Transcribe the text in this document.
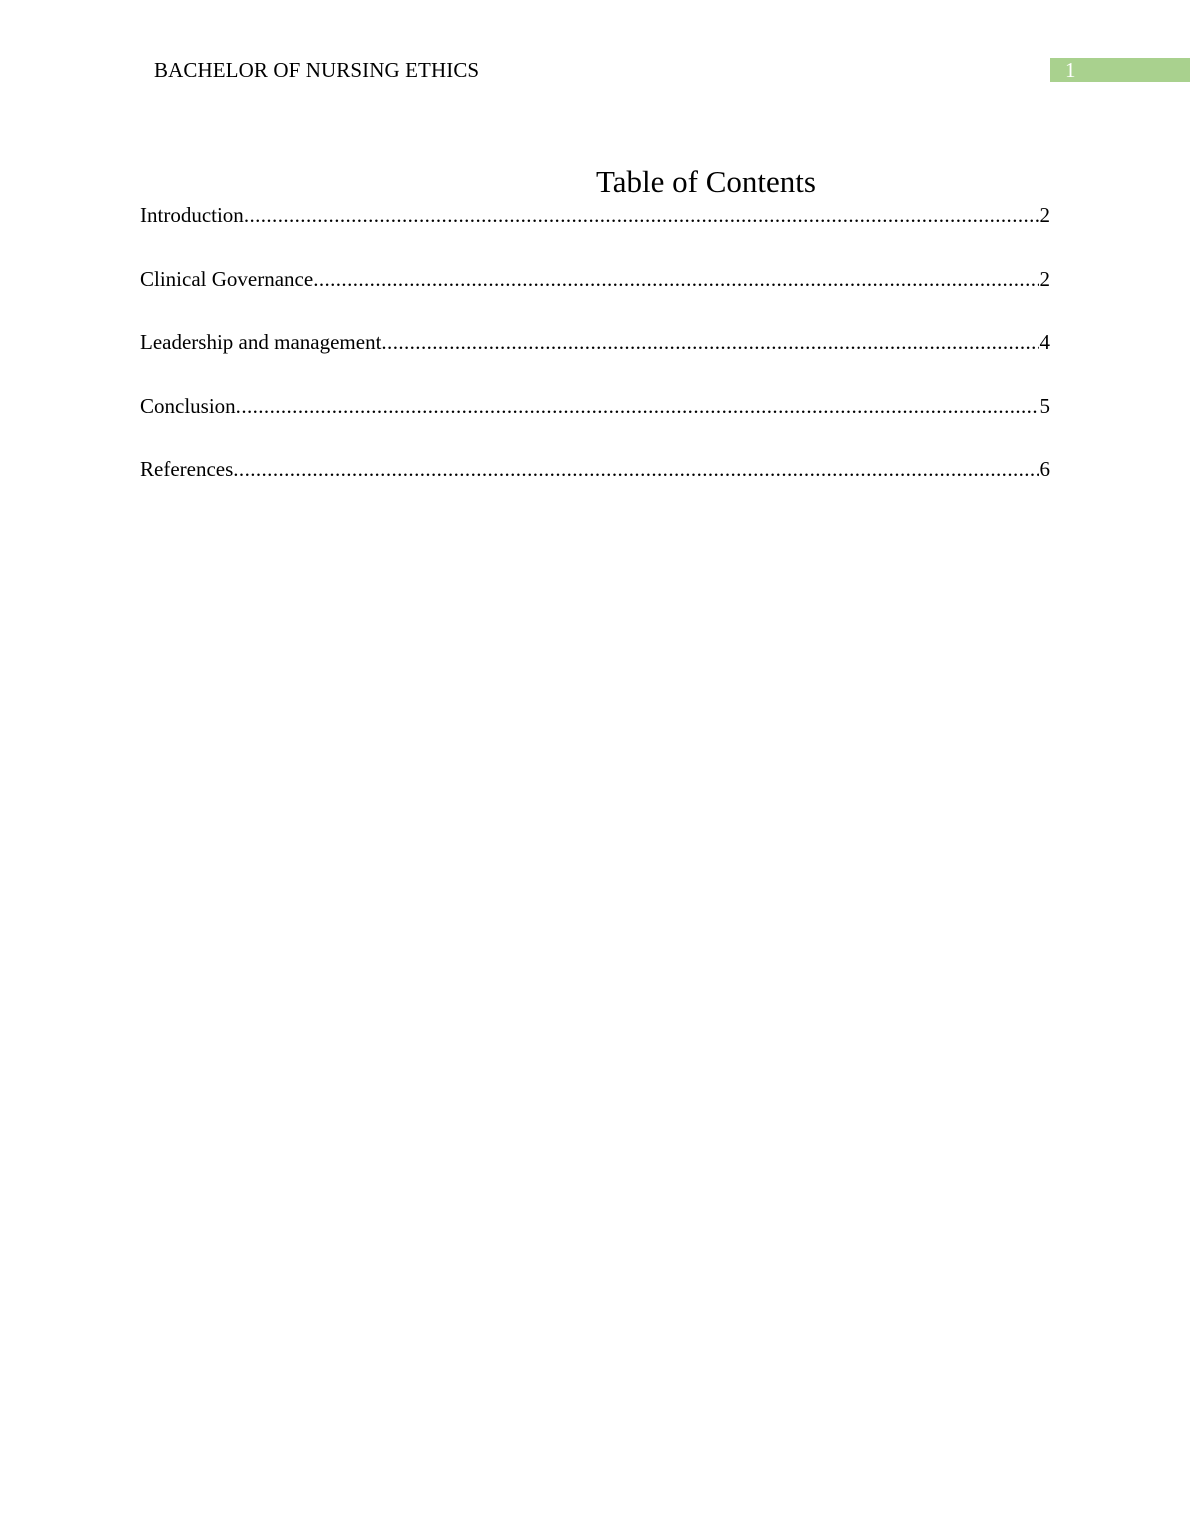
BACHELOR OF NURSING ETHICS	1
Table of Contents
Introduction .....	2
Clinical Governance .....	2
Leadership and management .....	4
Conclusion .....	5
References .....	6
